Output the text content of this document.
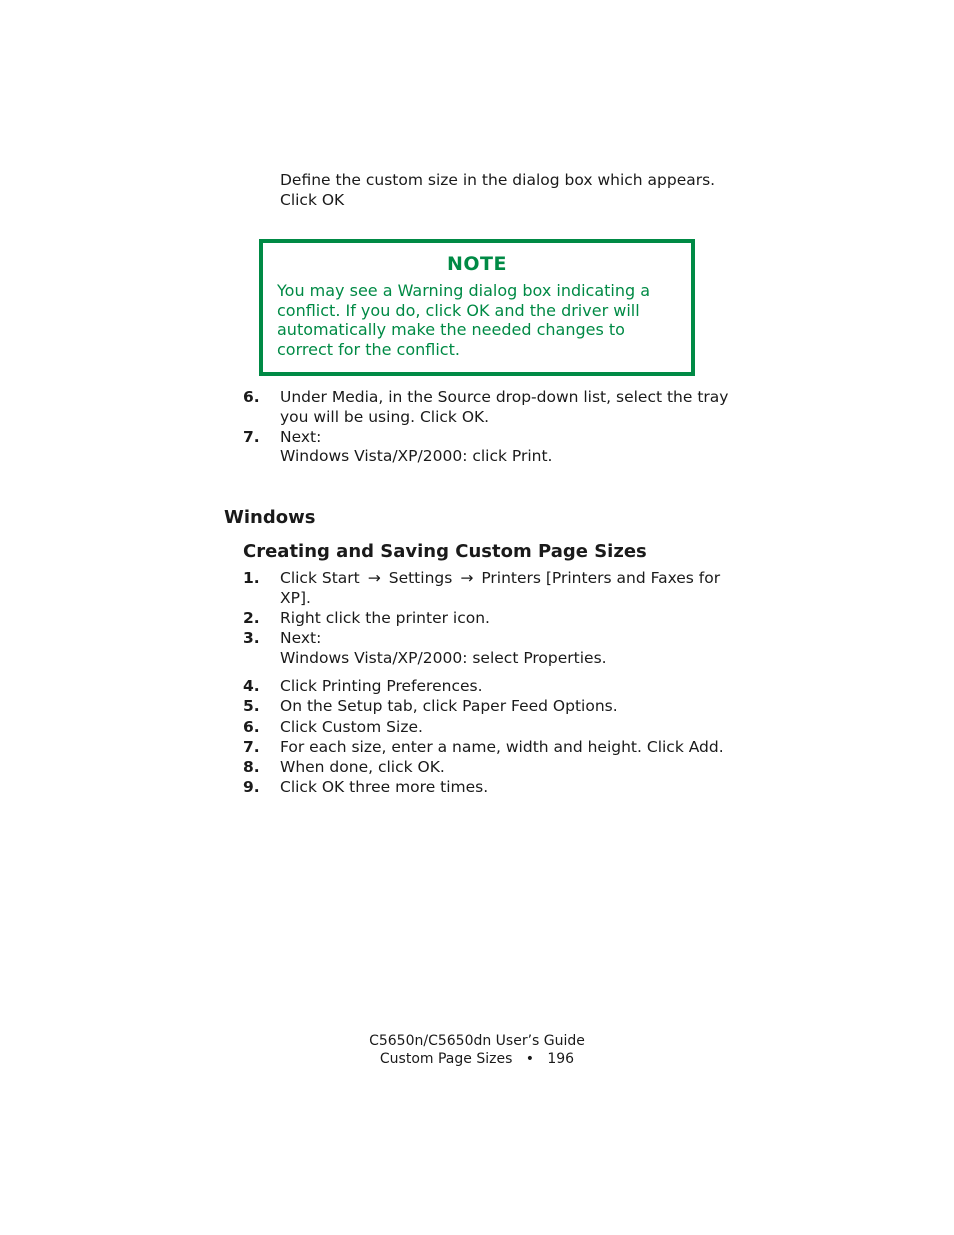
Define the custom size in the dialog box which appears.

Click OK

NOTE
You may see a Warning dialog box indicating a conflict. If you do, click OK and the driver will automatically make the needed changes to correct for the conflict.
6. Under Media, in the Source drop-down list, select the tray you will be using. Click OK.
7. Next:
Windows Vista/XP/2000: click Print.
Windows
Creating and Saving Custom Page Sizes
1. Click Start → Settings → Printers [Printers and Faxes for XP].
2. Right click the printer icon.
3. Next:
Windows Vista/XP/2000: select Properties.
4. Click Printing Preferences.
5. On the Setup tab, click Paper Feed Options.
6. Click Custom Size.
7. For each size, enter a name, width and height. Click Add.
8. When done, click OK.
9. Click OK three more times.
C5650n/C5650dn User’s Guide
Custom Page Sizes • 196
